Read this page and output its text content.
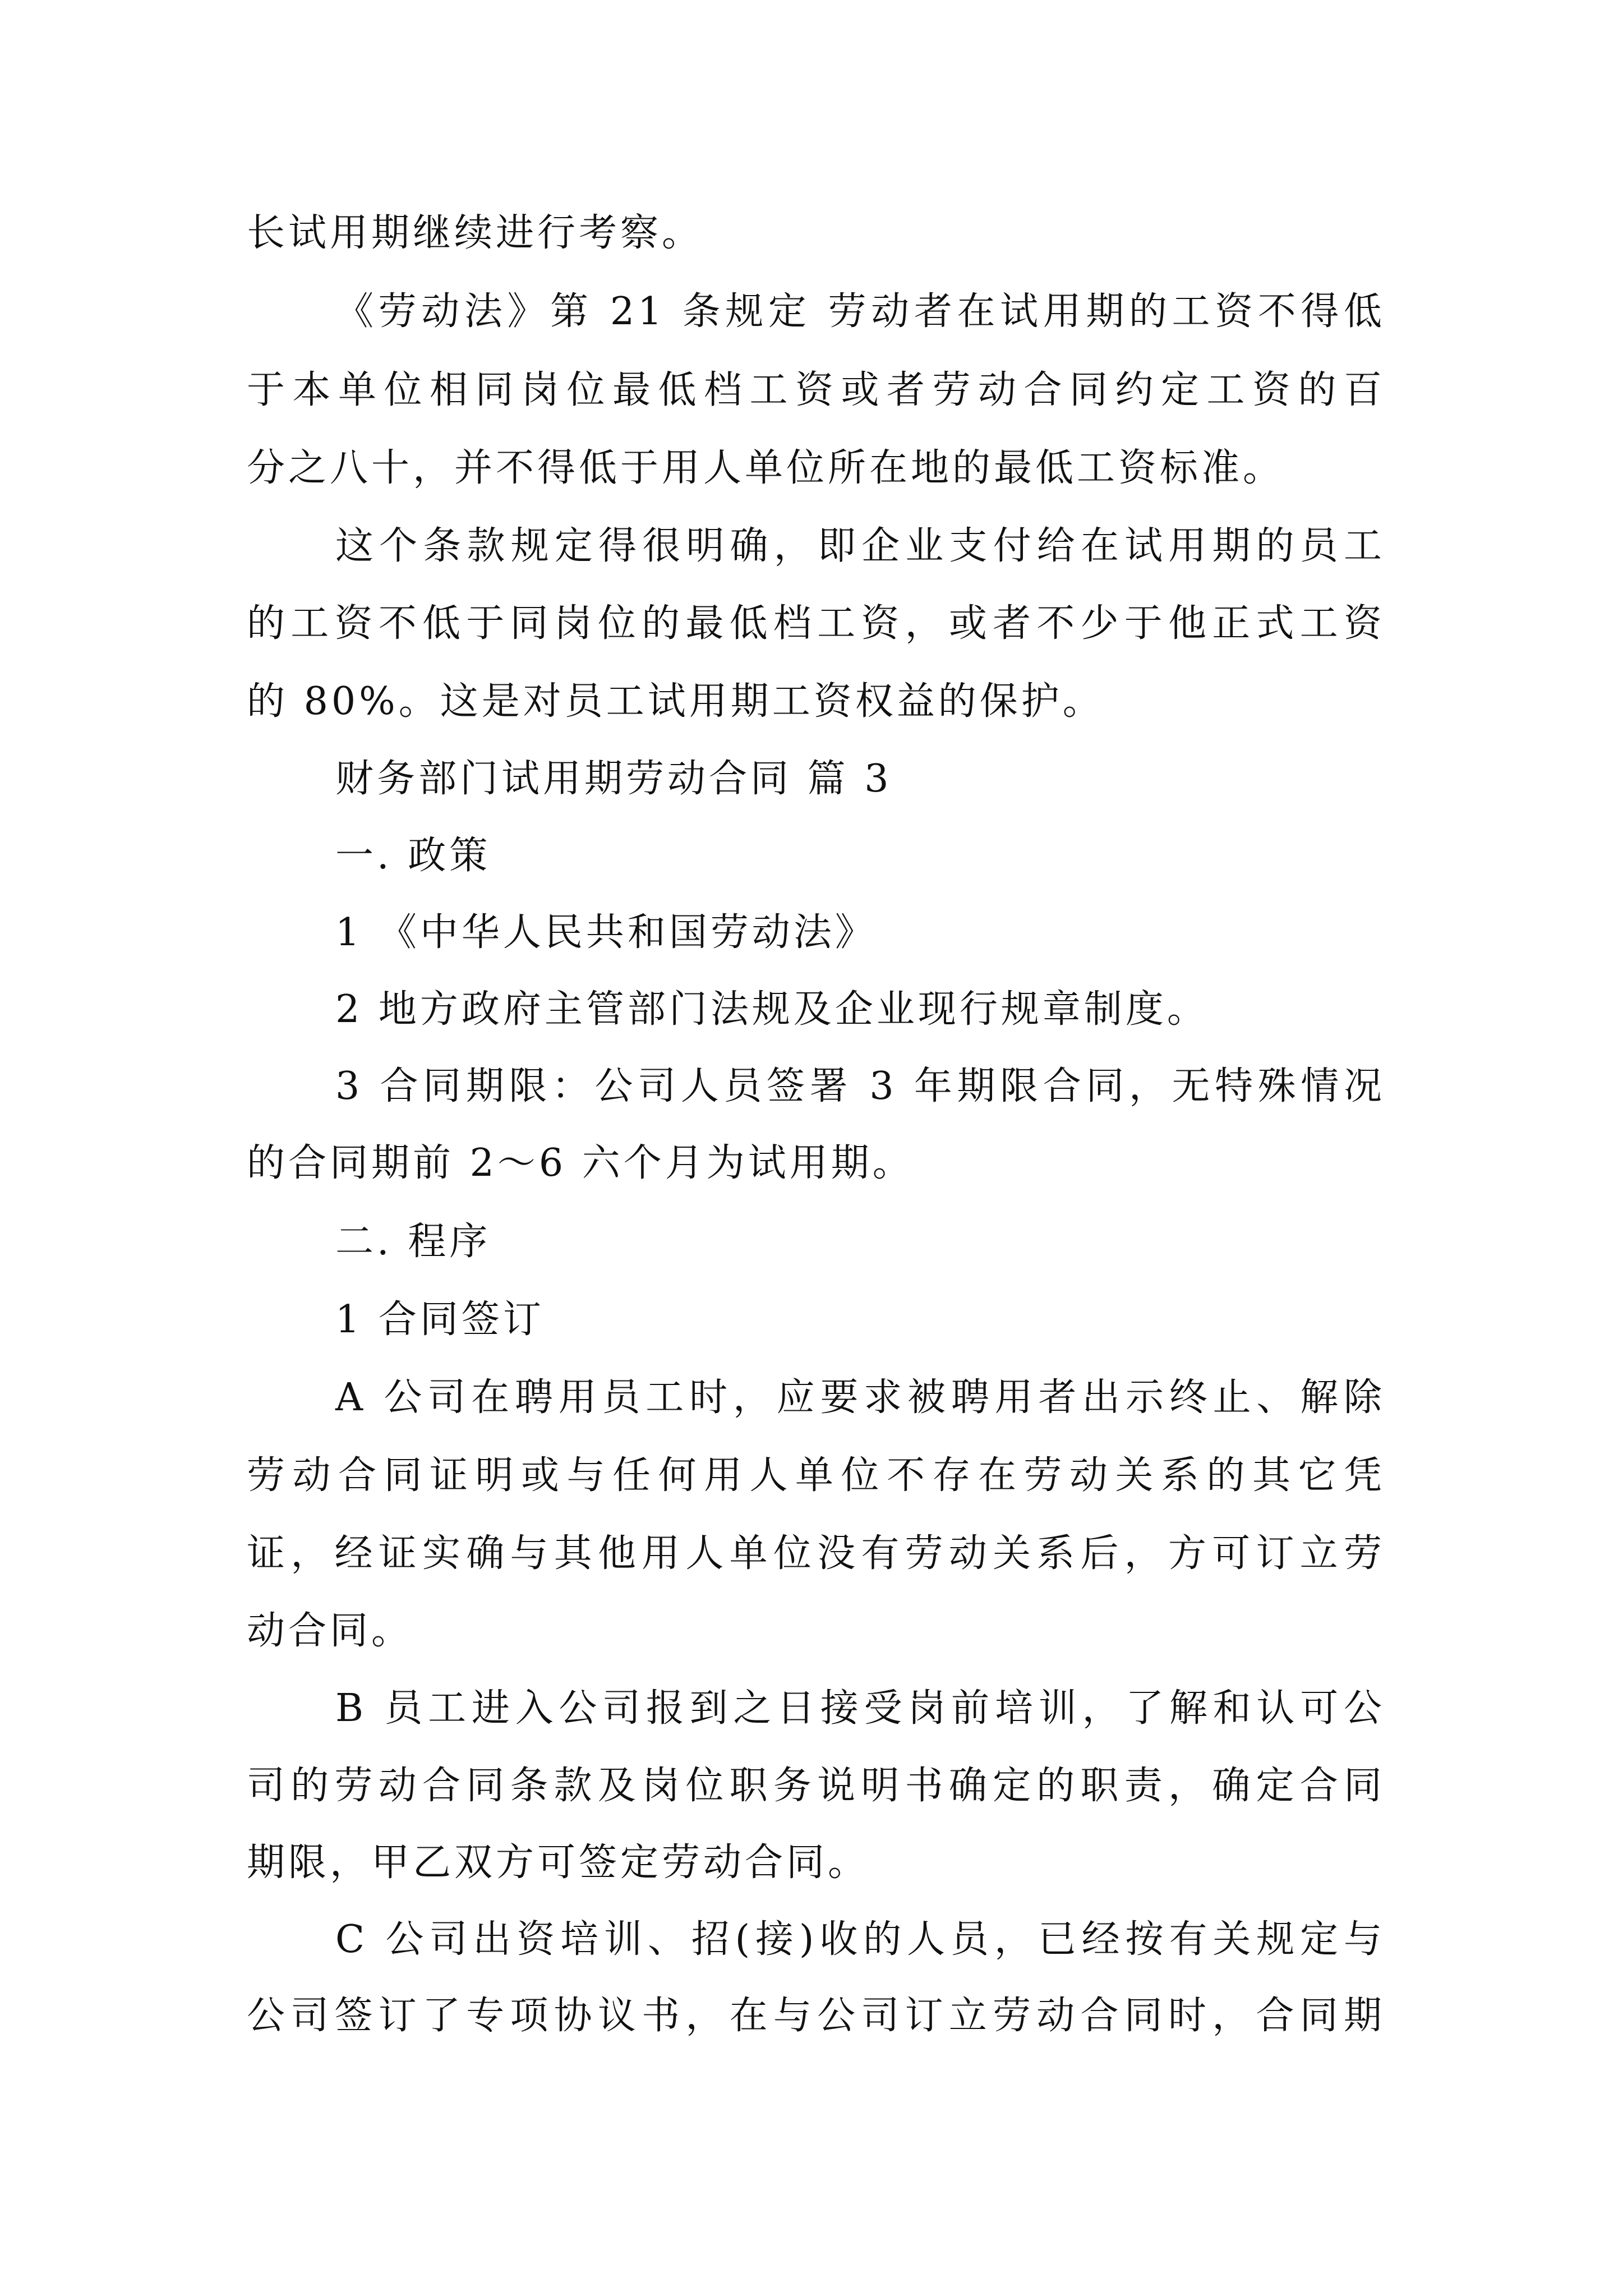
长试用期继续进行考察。
《劳动法》第 21 条规定 劳动者在试用期的工资不得低
于本单位相同岗位最低档工资或者劳动合同约定工资的百
分之八十，并不得低于用人单位所在地的最低工资标准。
这个条款规定得很明确，即企业支付给在试用期的员工
的工资不低于同岗位的最低档工资，或者不少于他正式工资
的 80%。这是对员工试用期工资权益的保护。
财务部门试用期劳动合同 篇 3
一. 政策
1 《中华人民共和国劳动法》
2 地方政府主管部门法规及企业现行规章制度。
3 合同期限：公司人员签署 3 年期限合同，无特殊情况
的合同期前 2～6 六个月为试用期。
二. 程序
1 合同签订
A 公司在聘用员工时，应要求被聘用者出示终止、解除
劳动合同证明或与任何用人单位不存在劳动关系的其它凭
证，经证实确与其他用人单位没有劳动关系后，方可订立劳
动合同。
B 员工进入公司报到之日接受岗前培训，了解和认可公
司的劳动合同条款及岗位职务说明书确定的职责，确定合同
期限，甲乙双方可签定劳动合同。
C 公司出资培训、招(接)收的人员，已经按有关规定与
公司签订了专项协议书，在与公司订立劳动合同时，合同期
